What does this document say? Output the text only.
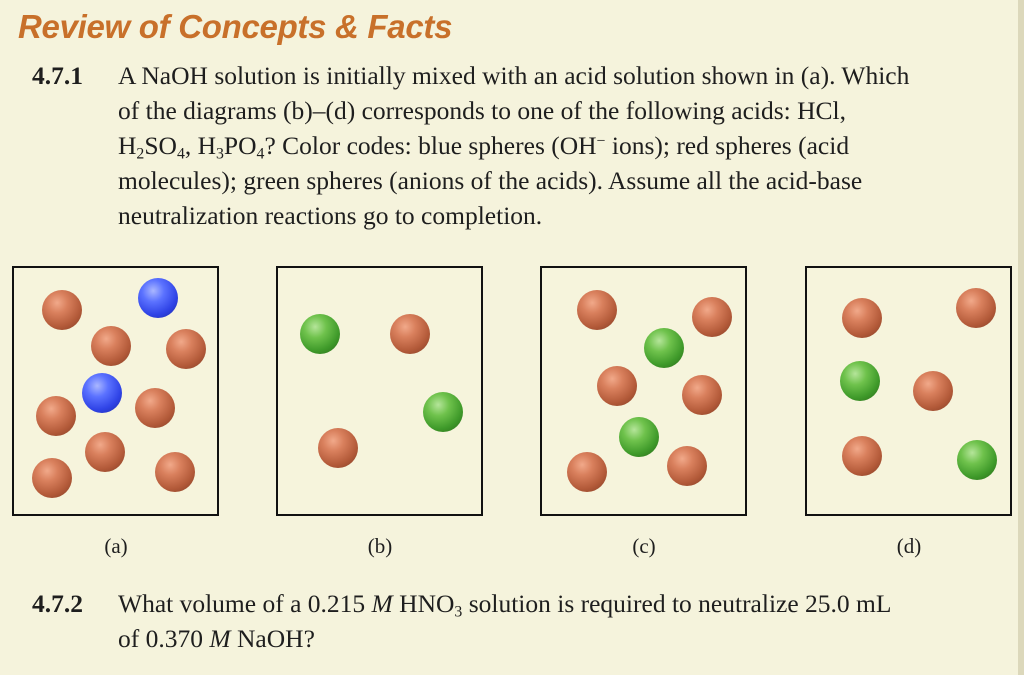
Review of Concepts & Facts
4.7.1 A NaOH solution is initially mixed with an acid solution shown in (a). Which
of the diagrams (b)–(d) corresponds to one of the following acids: HCl,
$H_2SO_4$, $H_3PO_4$? Color codes: blue spheres (OH− ions); red spheres (acid
molecules); green spheres (anions of the acids). Assume all the acid-base
neutralization reactions go to completion.
(a)	(b)	(c)	(d)
4.7.2 What volume of a 0.215 M $HNO_3$ solution is required to neutralize 25.0 mL
of 0.370 M NaOH?
